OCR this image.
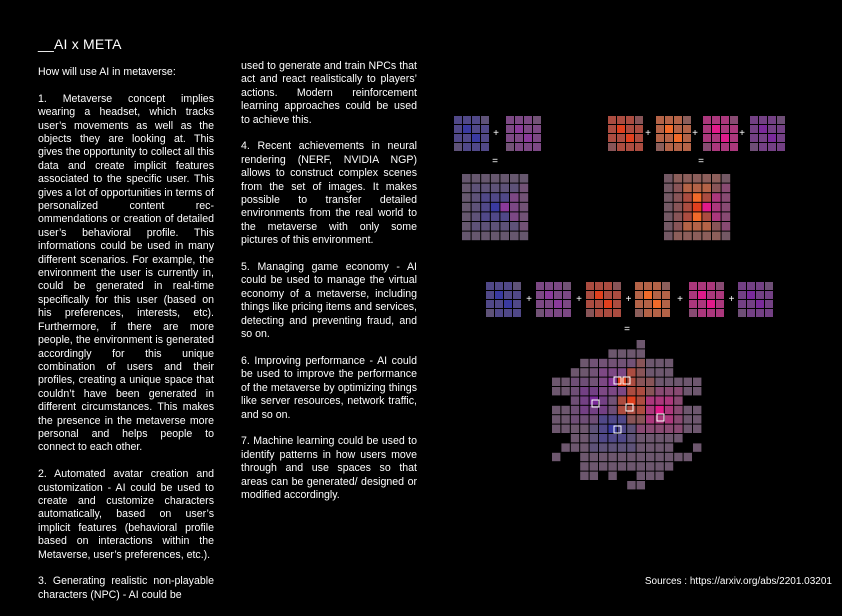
__AI x META

How will use AI in metaverse:

1. Metaverse concept implies wearing a headset, which tracks user’s movements as well as the objects they are looking at. This gives the opportunity to collect all this data and create implicit features associated to the specific user. This gives a lot of opportunities in terms of personalized content recommendations or creation of detailed user’s behavioral profile. This informations could be used in many different scenarios. For example, the environment the user is currently in, could be generated in real-time specifically for this user (based on his preferences, interests, etc). Furthermore, if there are more people, the environment is generated accordingly for this unique combination of users and their profiles, creating a unique space that couldn’t have been generated in different circumstances. This makes the presence in the metaverse more personal and helps people to connect to each other.

2. Automated avatar creation and customization - AI could be used to create and customize characters automatically, based on user’s implicit features (behavioral profile based on interactions within the Metaverse, user’s preferences, etc.).

3. Generating realistic non-playable characters (NPC) - AI could be

used to generate and train NPCs that act and react realistically to players’ actions. Modern reinforcement learning approaches could be used to achieve this.

4. Recent achievements in neural rendering (NERF, NVIDIA NGP) allows to construct complex scenes from the set of images. It makes possible to transfer detailed environments from the real world to the metaverse with only some pictures of this environment.

5. Managing game economy - AI could be used to manage the virtual economy of a metaverse, including things like pricing items and services, detecting and preventing fraud, and so on.

6. Improving performance - AI could be used to improve the performance of the metaverse by optimizing things like server resources, network traffic, and so on.

7. Machine learning could be used to identify patterns in how users move through and use spaces so that areas can be generated/ designed or modified accordingly.

+
=
+	+	+
=
+	+	+	+	+
=
Sources : https://arxiv.org/abs/2201.03201
